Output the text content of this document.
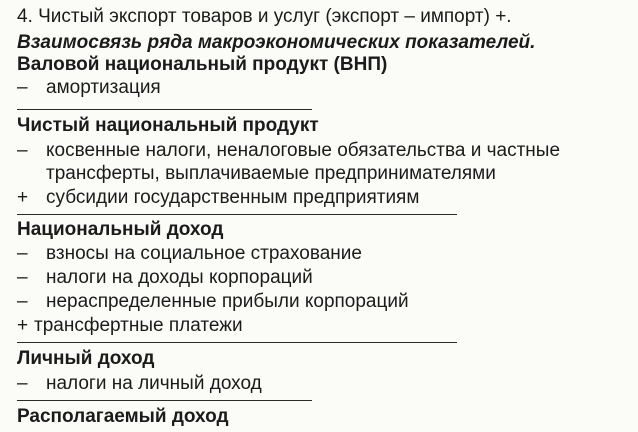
4. Чистый экспорт товаров и услуг (экспорт – импорт) +.
Взаимосвязь ряда макроэкономических показателей.
Валовой национальный продукт (ВНП)
– амортизация
Чистый национальный продукт
– косвенные налоги, неналоговые обязательства и частные
трансферты, выплачиваемые предпринимателями
+ субсидии государственным предприятиям
Национальный доход
– взносы на социальное страхование
– налоги на доходы корпораций
– нераспределенные прибыли корпораций
+ трансфертные платежи
Личный доход
– налоги на личный доход
Располагаемый доход
